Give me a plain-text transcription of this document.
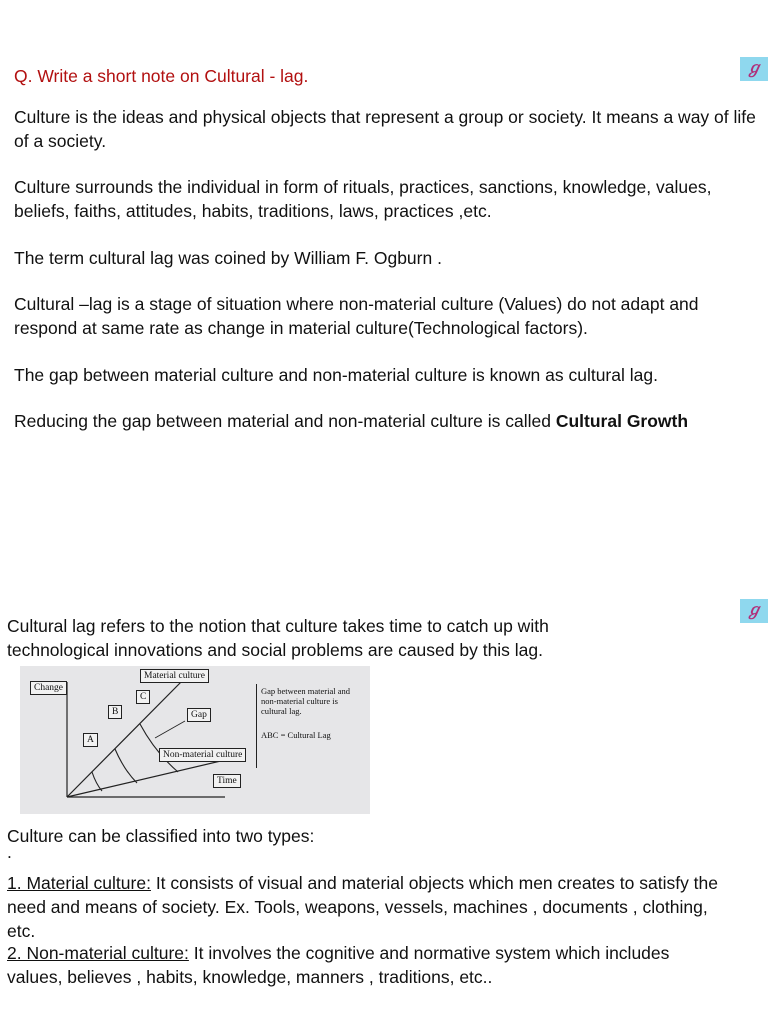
ℊ
Q. Write a short note on Cultural - lag.

Culture is the ideas and physical objects that represent a group or society. It means a way of life of a society.

Culture surrounds the individual in form of rituals, practices, sanctions, knowledge, values, beliefs, faiths, attitudes, habits, traditions, laws, practices ,etc.

The term cultural lag was coined by William F. Ogburn .

Cultural –lag is a stage of situation where non-material culture (Values) do not adapt and respond at same rate as change in material culture(Technological factors).

The gap between material culture and non-material culture is known as cultural lag.

Reducing the gap between material and non-material culture is called Cultural Growth

ℊ

Cultural lag refers to the notion that culture takes time to catch up with technological innovations and social problems are caused by this lag.

Change
Material culture
C
B
A
Gap
Non-material culture
Time
Gap between material and non-material culture is cultural lag.
ABC = Cultural Lag

Culture can be classified into two types:

.

1. Material culture: It consists of visual and material objects which men creates to satisfy the need and means of society. Ex. Tools, weapons, vessels, machines , documents , clothing, etc.

2. Non-material culture: It involves the cognitive and normative system which includes values, believes , habits, knowledge, manners , traditions, etc..
